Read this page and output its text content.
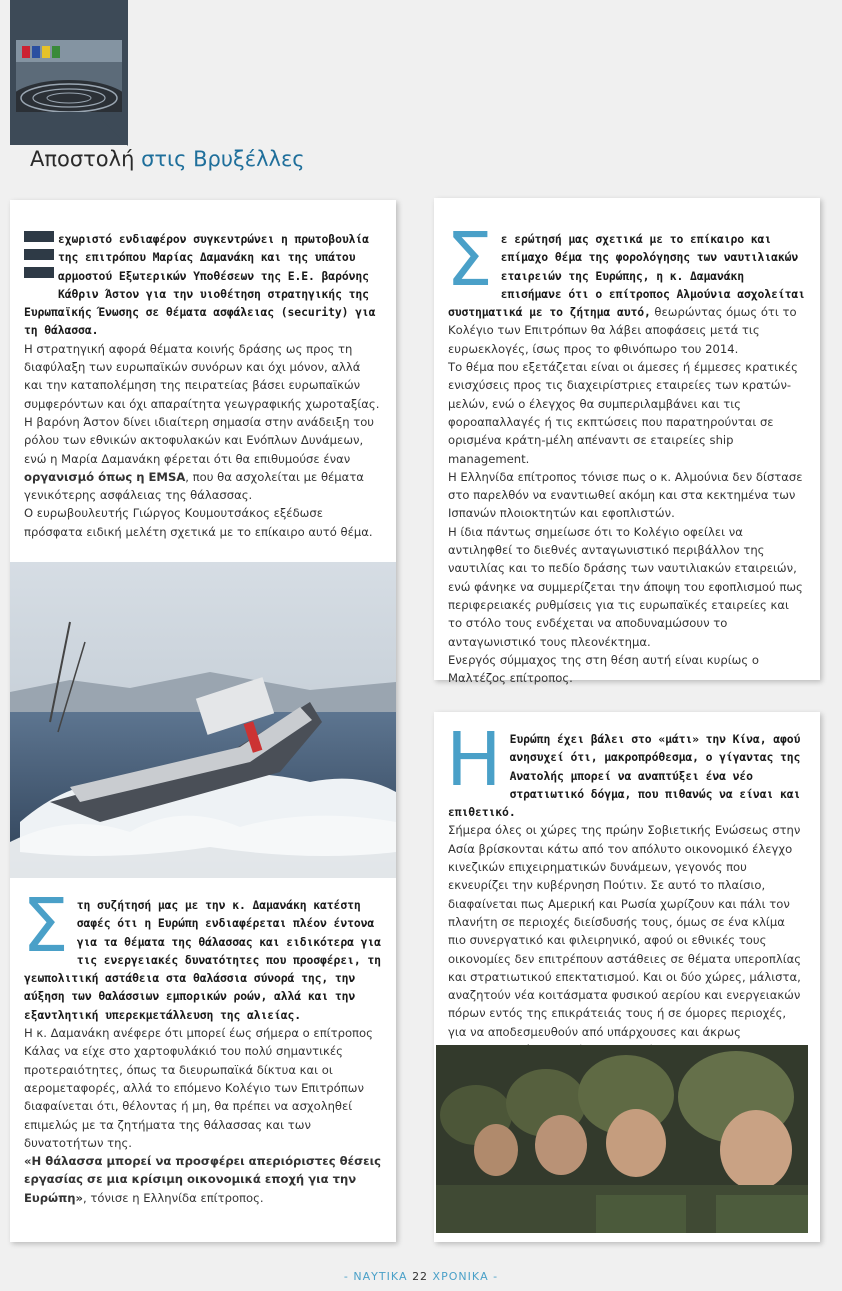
Αποστολή στις Βρυξέλλες

εχωριστό ενδιαφέρον συγκεντρώνει η πρωτοβουλία της επιτρόπου Μαρίας Δαμανάκη και της υπάτου αρμοστού Εξωτερικών Υποθέσεων της Ε.Ε. βαρόνης Κάθριν Άστον για την υιοθέτηση στρατηγικής της Ευρωπαϊκής Ένωσης σε θέματα ασφάλειας (security) για τη θάλασσα.

Η στρατηγική αφορά θέματα κοινής δράσης ως προς τη διαφύλαξη των ευρωπαϊκών συνόρων και όχι μόνον, αλλά και την καταπολέμηση της πειρατείας βάσει ευρωπαϊκών συμφερόντων και όχι απαραίτητα γεωγραφικής χωροταξίας.

Η βαρόνη Άστον δίνει ιδιαίτερη σημασία στην ανάδειξη του ρόλου των εθνικών ακτοφυλακών και Ενόπλων Δυνάμεων, ενώ η Μαρία Δαμανάκη φέρεται ότι θα επιθυμούσε έναν οργανισμό όπως η EMSA, που θα ασχολείται με θέματα γενικότερης ασφάλειας της θάλασσας.

Ο ευρωβουλευτής Γιώργος Κουμουτσάκος εξέδωσε πρόσφατα ειδική μελέτη σχετικά με το επίκαιρο αυτό θέμα.

Σ τη συζήτησή μας με την κ. Δαμανάκη κατέστη σαφές ότι η Ευρώπη ενδιαφέρεται πλέον έντονα για τα θέματα της θάλασσας και ειδικότερα για τις ενεργειακές δυνατότητες που προσφέρει, τη γεωπολιτική αστάθεια στα θαλάσσια σύνορά της, την αύξηση των θαλάσσιων εμπορικών ροών, αλλά και την εξαντλητική υπερεκμετάλλευση της αλιείας.

Η κ. Δαμανάκη ανέφερε ότι μπορεί έως σήμερα ο επίτροπος Κάλας να είχε στο χαρτοφυλάκιό του πολύ σημαντικές προτεραιότητες, όπως τα διευρωπαϊκά δίκτυα και οι αερομεταφορές, αλλά το επόμενο Κολέγιο των Επιτρόπων διαφαίνεται ότι, θέλοντας ή μη, θα πρέπει να ασχοληθεί επιμελώς με τα ζητήματα της θάλασσας και των δυνατοτήτων της.

«Η θάλασσα μπορεί να προσφέρει απεριόριστες θέσεις εργασίας σε μια κρίσιμη οικονομικά εποχή για την Ευρώπη», τόνισε η Ελληνίδα επίτροπος.

Σ ε ερώτησή μας σχετικά με το επίκαιρο και επίμαχο θέμα της φορολόγησης των ναυτιλιακών εταιρειών της Ευρώπης, η κ. Δαμανάκη επισήμανε ότι ο επίτροπος Αλμούνια ασχολείται συστηματικά με το ζήτημα αυτό, θεωρώντας όμως ότι το Κολέγιο των Επιτρόπων θα λάβει αποφάσεις μετά τις ευρωεκλογές, ίσως προς το φθινόπωρο του 2014.

Το θέμα που εξετάζεται είναι οι άμεσες ή έμμεσες κρατικές ενισχύσεις προς τις διαχειρίστριες εταιρείες των κρατών-μελών, ενώ ο έλεγχος θα συμπεριλαμβάνει και τις φοροαπαλλαγές ή τις εκπτώσεις που παρατηρούνται σε ορισμένα κράτη-μέλη απέναντι σε εταιρείες ship management.

Η Ελληνίδα επίτροπος τόνισε πως ο κ. Αλμούνια δεν δίστασε στο παρελθόν να εναντιωθεί ακόμη και στα κεκτημένα των Ισπανών πλοιοκτητών και εφοπλιστών.

Η ίδια πάντως σημείωσε ότι το Κολέγιο οφείλει να αντιληφθεί το διεθνές ανταγωνιστικό περιβάλλον της ναυτιλίας και το πεδίο δράσης των ναυτιλιακών εταιρειών, ενώ φάνηκε να συμμερίζεται την άποψη του εφοπλισμού πως περιφερειακές ρυθμίσεις για τις ευρωπαϊκές εταιρείες και το στόλο τους ενδέχεται να αποδυναμώσουν το ανταγωνιστικό τους πλεονέκτημα.

Ενεργός σύμμαχος της στη θέση αυτή είναι κυρίως ο Μαλτέζος επίτροπος.

Η Ευρώπη έχει βάλει στο «μάτι» την Κίνα, αφού ανησυχεί ότι, μακροπρόθεσμα, ο γίγαντας της Ανατολής μπορεί να αναπτύξει ένα νέο στρατιωτικό δόγμα, που πιθανώς να είναι και επιθετικό.

Σήμερα όλες οι χώρες της πρώην Σοβιετικής Ενώσεως στην Ασία βρίσκονται κάτω από τον απόλυτο οικονομικό έλεγχο κινεζικών επιχειρηματικών δυνάμεων, γεγονός που εκνευρίζει την κυβέρνηση Πούτιν. Σε αυτό το πλαίσιο, διαφαίνεται πως Αμερική και Ρωσία χωρίζουν και πάλι τον πλανήτη σε περιοχές διείσδυσής τους, όμως σε ένα κλίμα πιο συνεργατικό και φιλειρηνικό, αφού οι εθνικές τους οικονομίες δεν επιτρέπουν αστάθειες σε θέματα υπεροπλίας και στρατιωτικού επεκτατισμού. Και οι δύο χώρες, μάλιστα, αναζητούν νέα κοιτάσματα φυσικού αερίου και ενεργειακών πόρων εντός της επικράτειάς τους ή σε όμορες περιοχές, για να αποδεσμευθούν από υπάρχουσες και άκρως

- ΝΑΥΤΙΚΑ 22 ΧΡΟΝΙΚΑ -
